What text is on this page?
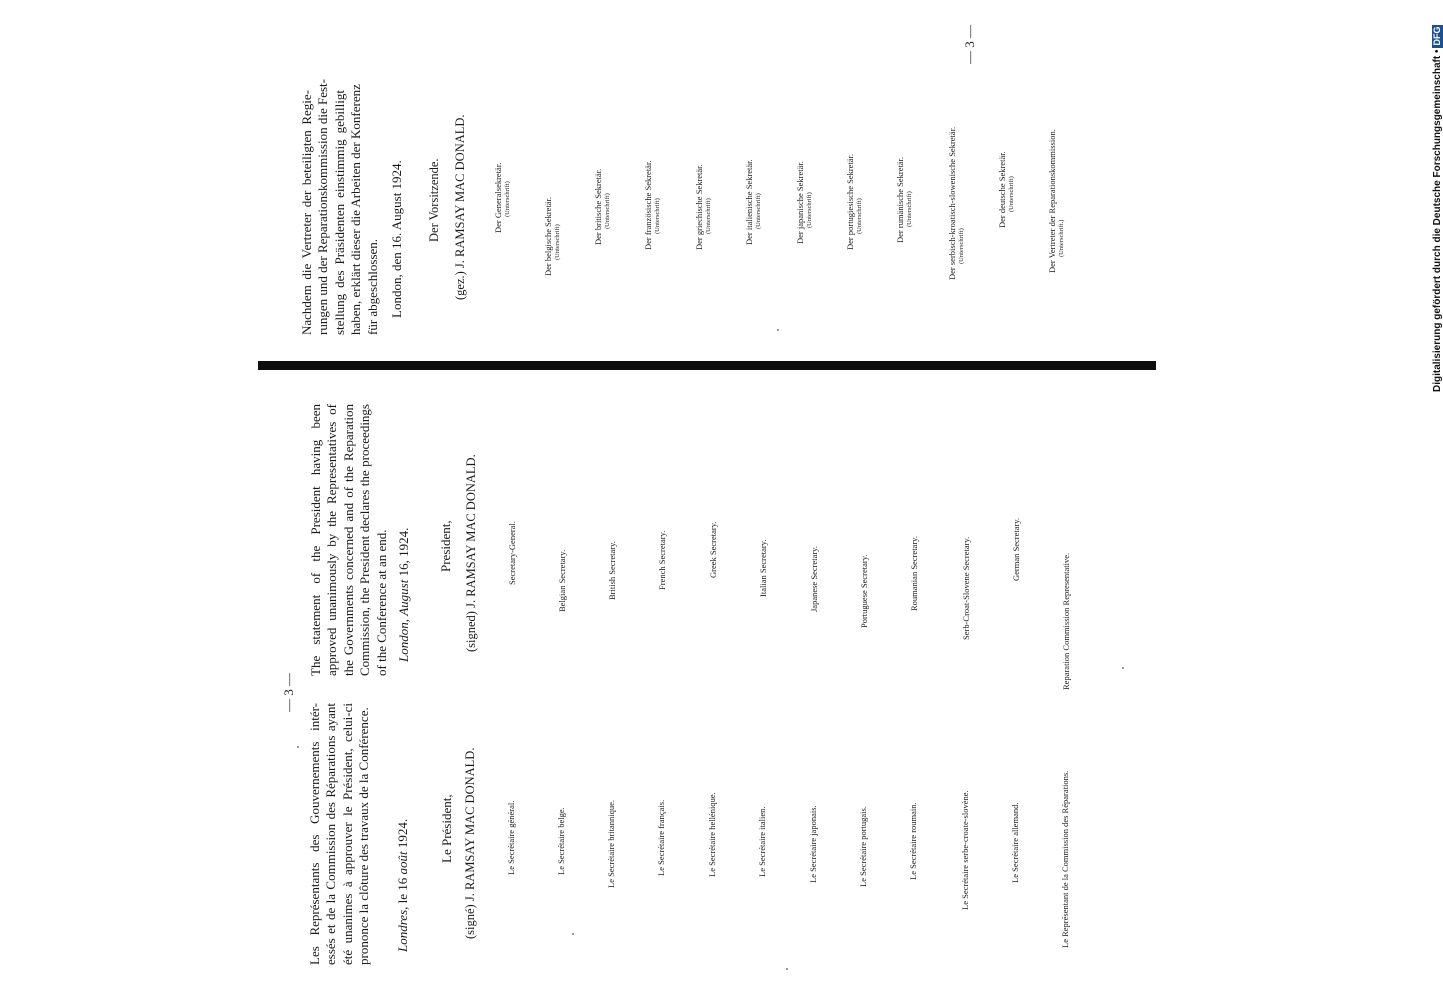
— 3 —
— 3 —
Nachdem die Vertreter der beteiligten Regie- rungen und der Reparationskommission die Fest- stellung des Präsidenten einstimmig gebilligt haben, erklärt dieser die Arbeiten der Konferenz für abgeschlossen. London, den 16. August 1924. Der Vorsitzende. (gez.) J. RAMSAY MAC DONALD.	Der Generalsekretär. (Unterschrift)	Der belgische Sekretär. (Unterschrift)	Der britische Sekretär. (Unterschrift)	Der französische Sekretär. (Unterschrift)	Der griechische Sekretär. (Unterschrift)	Der italienische Sekretär. (Unterschrift)	Der japanische Sekretär. (Unterschrift)	Der portugiesische Sekretär. (Unterschrift)	Der rumänische Sekretär. (Unterschrift)	Der serbisch-kroatisch-slowenische Sekretär. (Unterschrift)
Der deutsche Sekretär. (Unterschrift)	Der Vertreter der Reparationskommission. (Unterschrift.)
The statement of the President having been approved unanimously by the Representatives of the Governments concerned and of the Reparation Commission, the President declares the proceedings of the Conference at an end. London, August 16, 1924. President, (signed) J. RAMSAY MAC DONALD.	Secretary-General.	Belgian Secretary.	British Secretary.	French Secretary.	Greek Secretary.	Italian Secretary.	Japanese Secretary.	Portuguese Secretary.	Roumanian Secretary.	Serb-Croat-Slovene Secretary.	German Secretary.
Reparation Commission Representative.
Les Représentants des Gouvernements intér- essés et de la Commission des Réparations ayant été unanimes à approuver le Président, celui-ci prononce la clôture des travaux de la Conférence. Londres, le 16 août 1924. Le Président, (signé) J. RAMSAY MAC DONALD.	Le Secrétaire général.	Le Secrétaire belge.	Le Secrétaire britannique.	Le Secrétaire français.	Le Secrétaire hellénique.	Le Secrétaire italien.	Le Secrétaire japonais.	Le Secrétaire portugais.	Le Secrétaire roumain.	Le Secrétaire serbe-croate-slovène.	Le Secrétaire allemand.	Le Représentant de la Commission des Réparations.
Digitalisierung gefördert durch die Deutsche Forschungsgemeinschaft •DFG
